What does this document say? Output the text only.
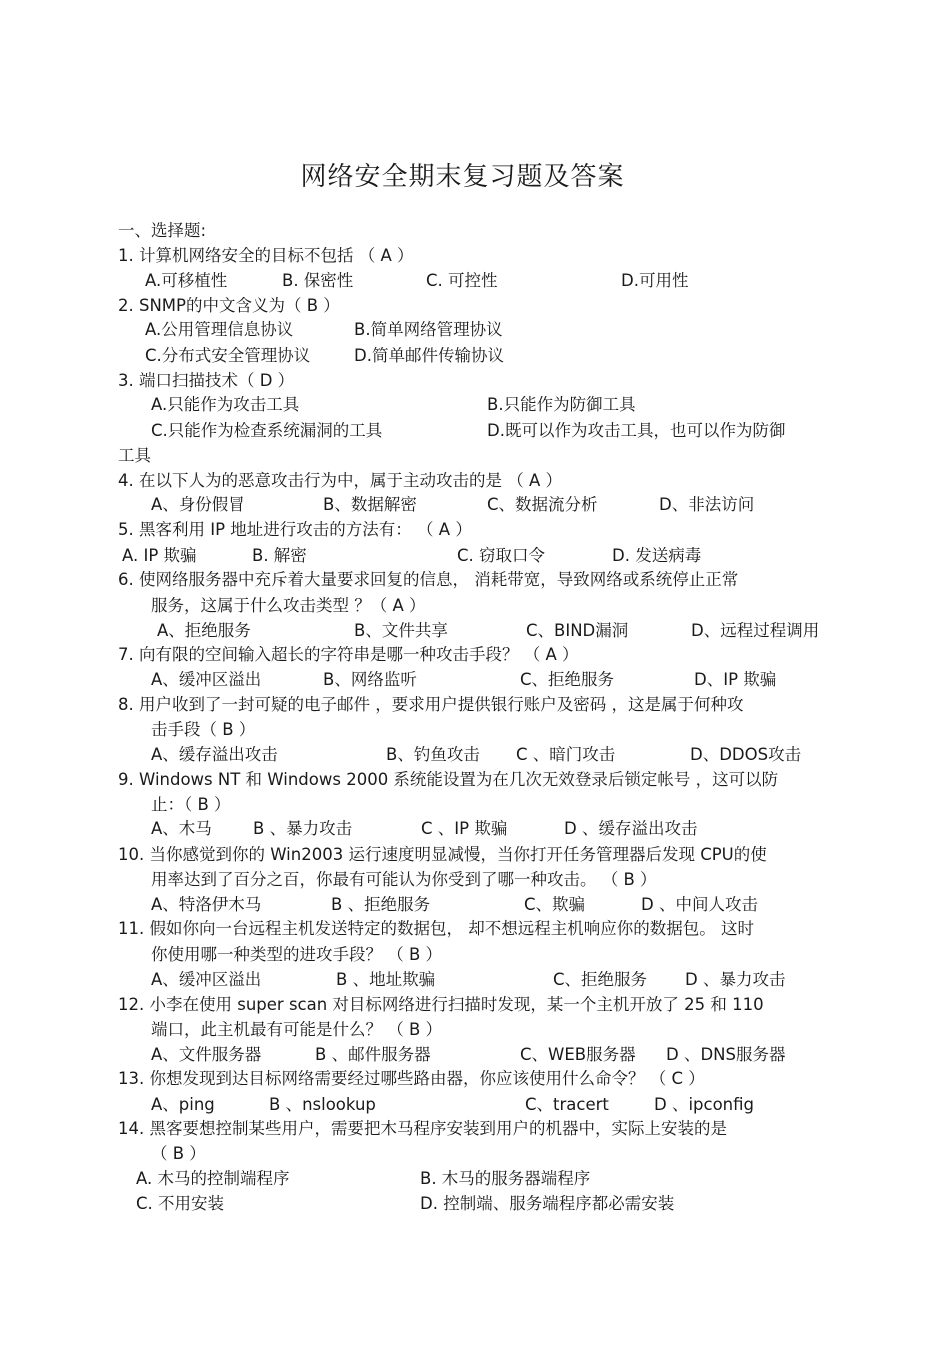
网络安全期末复习题及答案
一、选择题:
1. 计算机网络安全的目标不包括 （ A ）
A.可移植性	B. 保密性	C. 可控性	D.可用性
2. SNMP的中文含义为（ B ）
A.公用管理信息协议	B.简单网络管理协议
C.分布式安全管理协议	D.简单邮件传输协议
3. 端口扫描技术（ D ）
A.只能作为攻击工具	B.只能作为防御工具
C.只能作为检查系统漏洞的工具	D.既可以作为攻击工具，也可以作为防御
工具
4. 在以下人为的恶意攻击行为中，属于主动攻击的是 （ A ）
A、身份假冒	B、数据解密	C、数据流分析	D、非法访问
5. 黑客利用 IP 地址进行攻击的方法有： （ A ）
A. IP 欺骗	B. 解密	C. 窃取口令	D. 发送病毒
6. 使网络服务器中充斥着大量要求回复的信息， 消耗带宽，导致网络或系统停止正常
服务，这属于什么攻击类型 ？（ A ）
A、拒绝服务	B、文件共享	C、BIND漏洞	D、远程过程调用
7. 向有限的空间输入超长的字符串是哪一种攻击手段？ （ A ）
A、缓冲区溢出	B、网络监听	C、拒绝服务	D、IP 欺骗
8. 用户收到了一封可疑的电子邮件 ，要求用户提供银行账户及密码 ，这是属于何种攻
击手段（ B ）
A、缓存溢出攻击	B、钓鱼攻击 C 、暗门攻击	D、DDOS攻击
9. Windows NT 和 Windows 2000 系统能设置为在几次无效登录后锁定帐号 ，这可以防
止：（ B ）
A、木马 B 、暴力攻击	C 、IP 欺骗	D 、缓存溢出攻击
10. 当你感觉到你的 Win2003 运行速度明显减慢，当你打开任务管理器后发现 CPU的使
用率达到了百分之百，你最有可能认为你受到了哪一种攻击。 （ B ）
A、特洛伊木马	B 、拒绝服务	C、欺骗	D 、中间人攻击
11. 假如你向一台远程主机发送特定的数据包， 却不想远程主机响应你的数据包。 这时
你使用哪一种类型的进攻手段？ （ B ）
A、缓冲区溢出	B 、地址欺骗	C、拒绝服务 D 、暴力攻击
12. 小李在使用 super scan 对目标网络进行扫描时发现，某一个主机开放了 25 和 110
端口，此主机最有可能是什么？ （ B ）
A、文件服务器	B 、邮件服务器	C、WEB服务器 D 、DNS服务器
13. 你想发现到达目标网络需要经过哪些路由器，你应该使用什么命令？ （ C ）
A、ping	B 、nslookup	C、tracert	D 、ipconfig
14. 黑客要想控制某些用户，需要把木马程序安装到用户的机器中，实际上安装的是
（ B ）
A. 木马的控制端程序	B. 木马的服务器端程序
C. 不用安装	D. 控制端、服务端程序都必需安装
